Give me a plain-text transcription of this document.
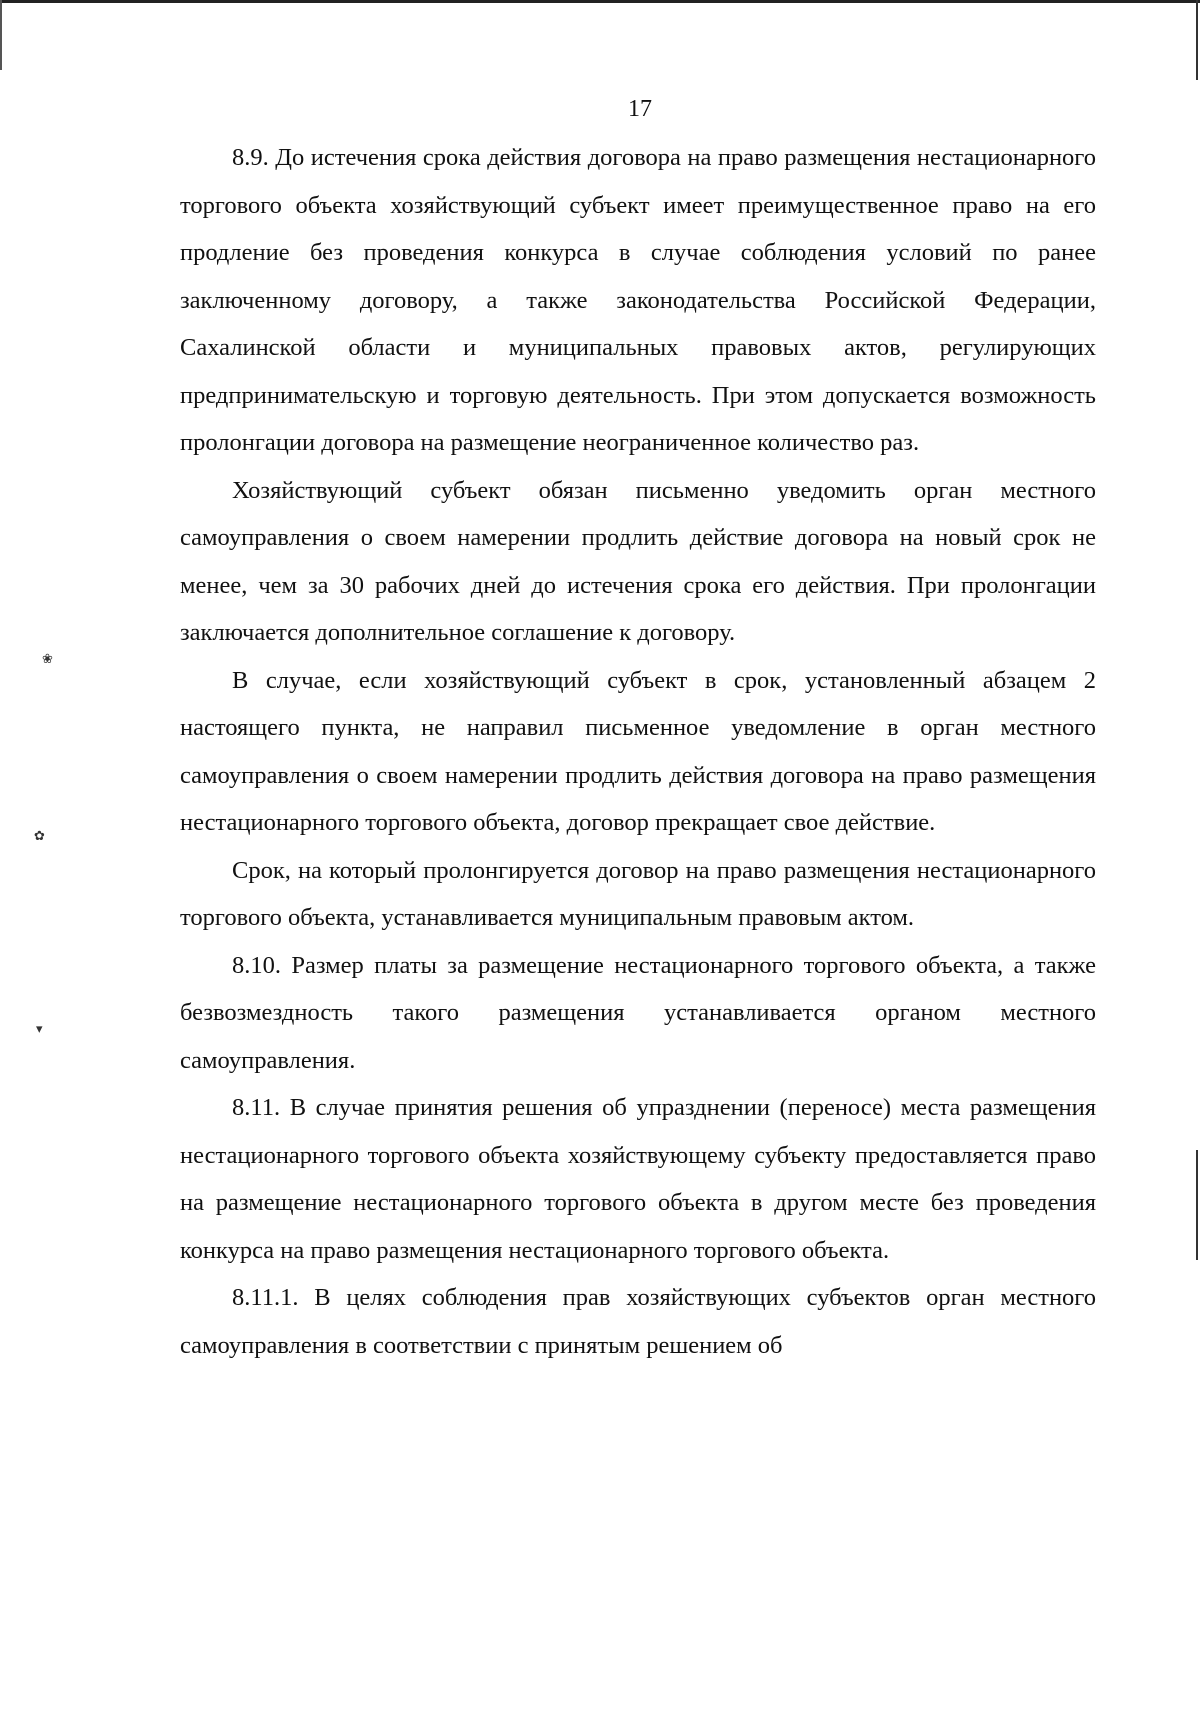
❀
✿
▾
17

8.9. До истечения срока действия договора на право размещения нестационарного торгового объекта хозяйствующий субъект имеет преимущественное право на его продление без проведения конкурса в случае соблюдения условий по ранее заключенному договору, а также законодательства Российской Федерации, Сахалинской области и муниципальных правовых актов, регулирующих предпринимательскую и торговую деятельность. При этом допускается возможность пролонгации договора на размещение неограниченное количество раз.

Хозяйствующий субъект обязан письменно уведомить орган местного самоуправления о своем намерении продлить действие договора на новый срок не менее, чем за 30 рабочих дней до истечения срока его действия. При пролонгации заключается дополнительное соглашение к договору.

В случае, если хозяйствующий субъект в срок, установленный абзацем 2 настоящего пункта, не направил письменное уведомление в орган местного самоуправления о своем намерении продлить действия договора на право размещения нестационарного торгового объекта, договор прекращает свое действие.

Срок, на который пролонгируется договор на право размещения нестационарного торгового объекта, устанавливается муниципальным правовым актом.

8.10. Размер платы за размещение нестационарного торгового объекта, а также безвозмездность такого размещения устанавливается органом местного самоуправления.

8.11. В случае принятия решения об упразднении (переносе) места размещения нестационарного торгового объекта хозяйствующему субъекту предоставляется право на размещение нестационарного торгового объекта в другом месте без проведения конкурса на право размещения нестационарного торгового объекта.

8.11.1. В целях соблюдения прав хозяйствующих субъектов орган местного самоуправления в соответствии с принятым решением об
